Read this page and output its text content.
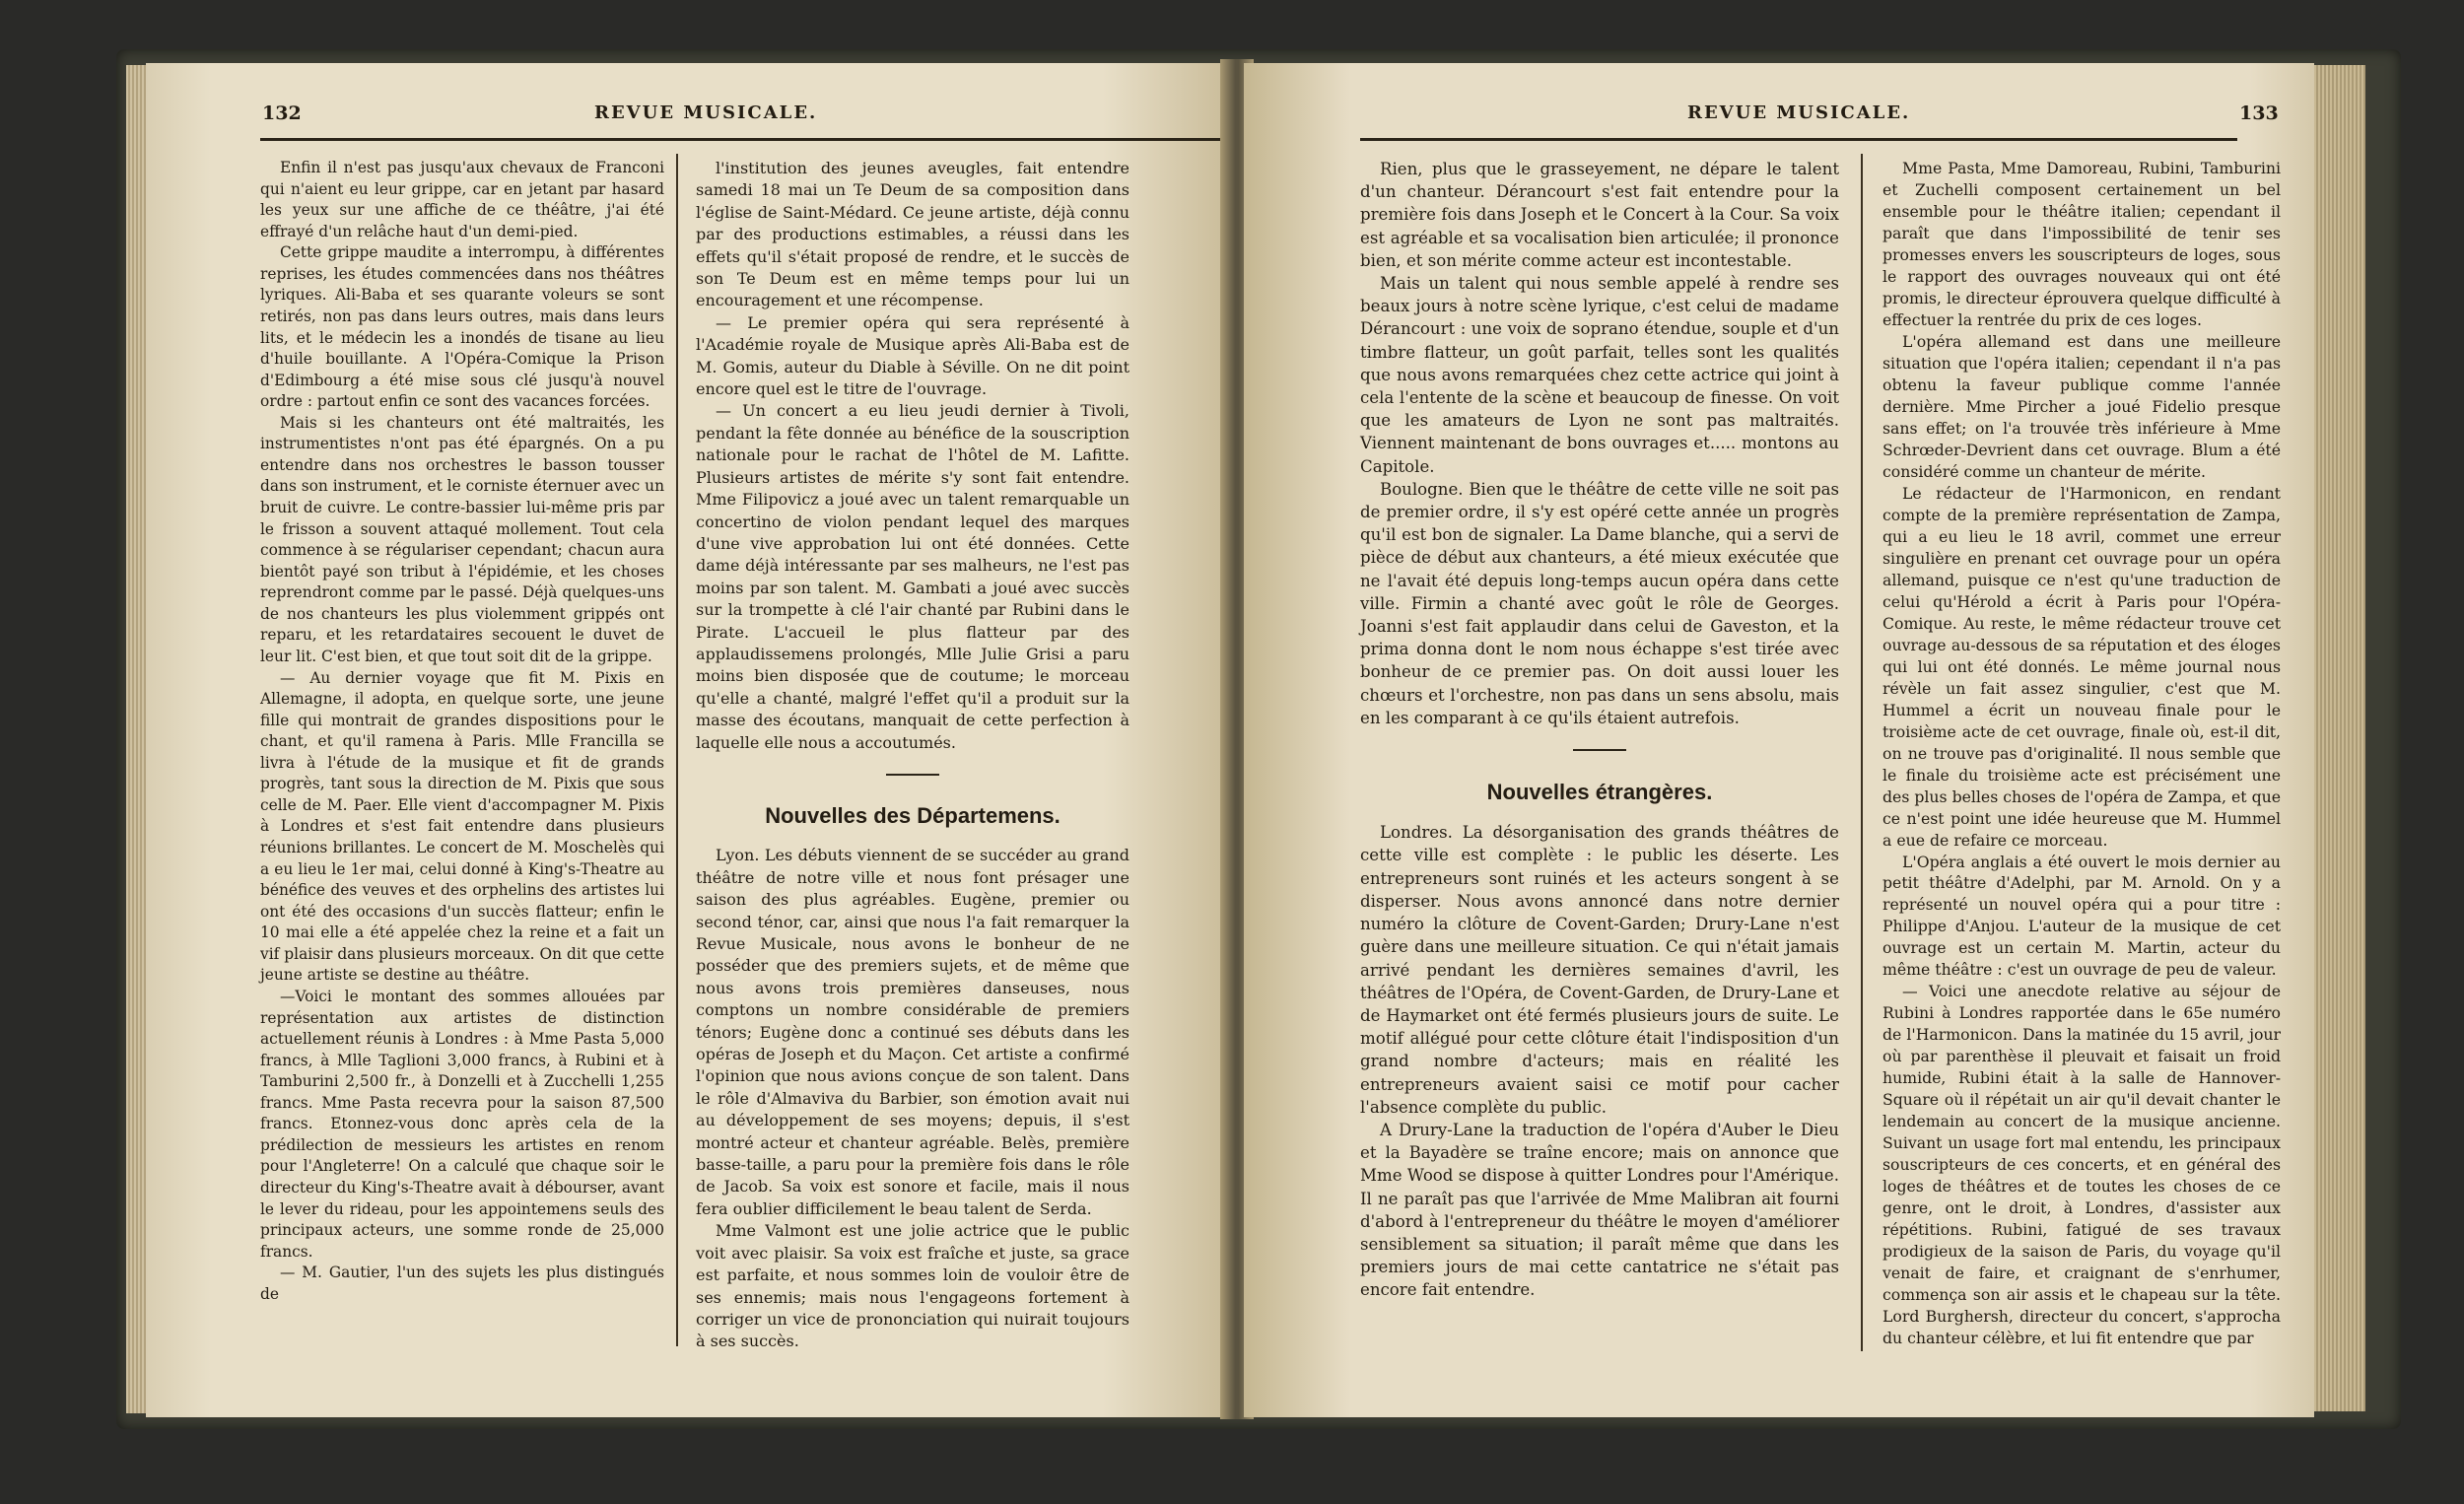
132	REVUE MUSICALE.

Enfin il n'est pas jusqu'aux chevaux de Franconi qui n'aient eu leur grippe, car en jetant par hasard les yeux sur une affiche de ce théâtre, j'ai été effrayé d'un relâche haut d'un demi-pied.

Cette grippe maudite a interrompu, à différentes reprises, les études commencées dans nos théâtres lyriques. Ali-Baba et ses quarante voleurs se sont retirés, non pas dans leurs outres, mais dans leurs lits, et le médecin les a inondés de tisane au lieu d'huile bouillante. A l'Opéra-Comique la Prison d'Edimbourg a été mise sous clé jusqu'à nouvel ordre : partout enfin ce sont des vacances forcées.

Mais si les chanteurs ont été maltraités, les instrumentistes n'ont pas été épargnés. On a pu entendre dans nos orchestres le basson tousser dans son instrument, et le corniste éternuer avec un bruit de cuivre. Le contre-bassier lui-même pris par le frisson a souvent attaqué mollement. Tout cela commence à se régulariser cependant; chacun aura bientôt payé son tribut à l'épidémie, et les choses reprendront comme par le passé. Déjà quelques-uns de nos chanteurs les plus violemment grippés ont reparu, et les retardataires secouent le duvet de leur lit. C'est bien, et que tout soit dit de la grippe.

— Au dernier voyage que fit M. Pixis en Allemagne, il adopta, en quelque sorte, une jeune fille qui montrait de grandes dispositions pour le chant, et qu'il ramena à Paris. Mlle Francilla se livra à l'étude de la musique et fit de grands progrès, tant sous la direction de M. Pixis que sous celle de M. Paer. Elle vient d'accompagner M. Pixis à Londres et s'est fait entendre dans plusieurs réunions brillantes. Le concert de M. Moschelès qui a eu lieu le 1er mai, celui donné à King's-Theatre au bénéfice des veuves et des orphelins des artistes lui ont été des occasions d'un succès flatteur; enfin le 10 mai elle a été appelée chez la reine et a fait un vif plaisir dans plusieurs morceaux. On dit que cette jeune artiste se destine au théâtre.

—Voici le montant des sommes allouées par représentation aux artistes de distinction actuellement réunis à Londres : à Mme Pasta 5,000 francs, à Mlle Taglioni 3,000 francs, à Rubini et à Tamburini 2,500 fr., à Donzelli et à Zucchelli 1,255 francs. Mme Pasta recevra pour la saison 87,500 francs. Etonnez-vous donc après cela de la prédilection de messieurs les artistes en renom pour l'Angleterre! On a calculé que chaque soir le directeur du King's-Theatre avait à débourser, avant le lever du rideau, pour les appointemens seuls des principaux acteurs, une somme ronde de 25,000 francs.

— M. Gautier, l'un des sujets les plus distingués de

l'institution des jeunes aveugles, fait entendre samedi 18 mai un Te Deum de sa composition dans l'église de Saint-Médard. Ce jeune artiste, déjà connu par des productions estimables, a réussi dans les effets qu'il s'était proposé de rendre, et le succès de son Te Deum est en même temps pour lui un encouragement et une récompense.

— Le premier opéra qui sera représenté à l'Académie royale de Musique après Ali-Baba est de M. Gomis, auteur du Diable à Séville. On ne dit point encore quel est le titre de l'ouvrage.

— Un concert a eu lieu jeudi dernier à Tivoli, pendant la fête donnée au bénéfice de la souscription nationale pour le rachat de l'hôtel de M. Lafitte. Plusieurs artistes de mérite s'y sont fait entendre. Mme Filipovicz a joué avec un talent remarquable un concertino de violon pendant lequel des marques d'une vive approbation lui ont été données. Cette dame déjà intéressante par ses malheurs, ne l'est pas moins par son talent. M. Gambati a joué avec succès sur la trompette à clé l'air chanté par Rubini dans le Pirate. L'accueil le plus flatteur par des applaudissemens prolongés, Mlle Julie Grisi a paru moins bien disposée que de coutume; le morceau qu'elle a chanté, malgré l'effet qu'il a produit sur la masse des écoutans, manquait de cette perfection à laquelle elle nous a accoutumés.

Nouvelles des Départemens.

Lyon. Les débuts viennent de se succéder au grand théâtre de notre ville et nous font présager une saison des plus agréables. Eugène, premier ou second ténor, car, ainsi que nous l'a fait remarquer la Revue Musicale, nous avons le bonheur de ne posséder que des premiers sujets, et de même que nous avons trois premières danseuses, nous comptons un nombre considérable de premiers ténors; Eugène donc a continué ses débuts dans les opéras de Joseph et du Maçon. Cet artiste a confirmé l'opinion que nous avions conçue de son talent. Dans le rôle d'Almaviva du Barbier, son émotion avait nui au développement de ses moyens; depuis, il s'est montré acteur et chanteur agréable. Belès, première basse-taille, a paru pour la première fois dans le rôle de Jacob. Sa voix est sonore et facile, mais il nous fera oublier difficilement le beau talent de Serda.

Mme Valmont est une jolie actrice que le public voit avec plaisir. Sa voix est fraîche et juste, sa grace est parfaite, et nous sommes loin de vouloir être de ses ennemis; mais nous l'engageons fortement à corriger un vice de prononciation qui nuirait toujours à ses succès.

REVUE MUSICALE.	133

Rien, plus que le grasseyement, ne dépare le talent d'un chanteur. Dérancourt s'est fait entendre pour la première fois dans Joseph et le Concert à la Cour. Sa voix est agréable et sa vocalisation bien articulée; il prononce bien, et son mérite comme acteur est incontestable.

Mais un talent qui nous semble appelé à rendre ses beaux jours à notre scène lyrique, c'est celui de madame Dérancourt : une voix de soprano étendue, souple et d'un timbre flatteur, un goût parfait, telles sont les qualités que nous avons remarquées chez cette actrice qui joint à cela l'entente de la scène et beaucoup de finesse. On voit que les amateurs de Lyon ne sont pas maltraités. Viennent maintenant de bons ouvrages et..... montons au Capitole.

Boulogne. Bien que le théâtre de cette ville ne soit pas de premier ordre, il s'y est opéré cette année un progrès qu'il est bon de signaler. La Dame blanche, qui a servi de pièce de début aux chanteurs, a été mieux exécutée que ne l'avait été depuis long-temps aucun opéra dans cette ville. Firmin a chanté avec goût le rôle de Georges. Joanni s'est fait applaudir dans celui de Gaveston, et la prima donna dont le nom nous échappe s'est tirée avec bonheur de ce premier pas. On doit aussi louer les chœurs et l'orchestre, non pas dans un sens absolu, mais en les comparant à ce qu'ils étaient autrefois.

Nouvelles étrangères.

Londres. La désorganisation des grands théâtres de cette ville est complète : le public les déserte. Les entrepreneurs sont ruinés et les acteurs songent à se disperser. Nous avons annoncé dans notre dernier numéro la clôture de Covent-Garden; Drury-Lane n'est guère dans une meilleure situation. Ce qui n'était jamais arrivé pendant les dernières semaines d'avril, les théâtres de l'Opéra, de Covent-Garden, de Drury-Lane et de Haymarket ont été fermés plusieurs jours de suite. Le motif allégué pour cette clôture était l'indisposition d'un grand nombre d'acteurs; mais en réalité les entrepreneurs avaient saisi ce motif pour cacher l'absence complète du public.

A Drury-Lane la traduction de l'opéra d'Auber le Dieu et la Bayadère se traîne encore; mais on annonce que Mme Wood se dispose à quitter Londres pour l'Amérique. Il ne paraît pas que l'arrivée de Mme Malibran ait fourni d'abord à l'entrepreneur du théâtre le moyen d'améliorer sensiblement sa situation; il paraît même que dans les premiers jours de mai cette cantatrice ne s'était pas encore fait entendre.

Mme Pasta, Mme Damoreau, Rubini, Tamburini et Zuchelli composent certainement un bel ensemble pour le théâtre italien; cependant il paraît que dans l'impossibilité de tenir ses promesses envers les souscripteurs de loges, sous le rapport des ouvrages nouveaux qui ont été promis, le directeur éprouvera quelque difficulté à effectuer la rentrée du prix de ces loges.

L'opéra allemand est dans une meilleure situation que l'opéra italien; cependant il n'a pas obtenu la faveur publique comme l'année dernière. Mme Pircher a joué Fidelio presque sans effet; on l'a trouvée très inférieure à Mme Schrœder-Devrient dans cet ouvrage. Blum a été considéré comme un chanteur de mérite.

Le rédacteur de l'Harmonicon, en rendant compte de la première représentation de Zampa, qui a eu lieu le 18 avril, commet une erreur singulière en prenant cet ouvrage pour un opéra allemand, puisque ce n'est qu'une traduction de celui qu'Hérold a écrit à Paris pour l'Opéra-Comique. Au reste, le même rédacteur trouve cet ouvrage au-dessous de sa réputation et des éloges qui lui ont été donnés. Le même journal nous révèle un fait assez singulier, c'est que M. Hummel a écrit un nouveau finale pour le troisième acte de cet ouvrage, finale où, est-il dit, on ne trouve pas d'originalité. Il nous semble que le finale du troisième acte est précisément une des plus belles choses de l'opéra de Zampa, et que ce n'est point une idée heureuse que M. Hummel a eue de refaire ce morceau.

L'Opéra anglais a été ouvert le mois dernier au petit théâtre d'Adelphi, par M. Arnold. On y a représenté un nouvel opéra qui a pour titre : Philippe d'Anjou. L'auteur de la musique de cet ouvrage est un certain M. Martin, acteur du même théâtre : c'est un ouvrage de peu de valeur.

— Voici une anecdote relative au séjour de Rubini à Londres rapportée dans le 65e numéro de l'Harmonicon. Dans la matinée du 15 avril, jour où par parenthèse il pleuvait et faisait un froid humide, Rubini était à la salle de Hannover-Square où il répétait un air qu'il devait chanter le lendemain au concert de la musique ancienne. Suivant un usage fort mal entendu, les principaux souscripteurs de ces concerts, et en général des loges de théâtres et de toutes les choses de ce genre, ont le droit, à Londres, d'assister aux répétitions. Rubini, fatigué de ses travaux prodigieux de la saison de Paris, du voyage qu'il venait de faire, et craignant de s'enrhumer, commença son air assis et le chapeau sur la tête. Lord Burghersh, directeur du concert, s'approcha du chanteur célèbre, et lui fit entendre que par
